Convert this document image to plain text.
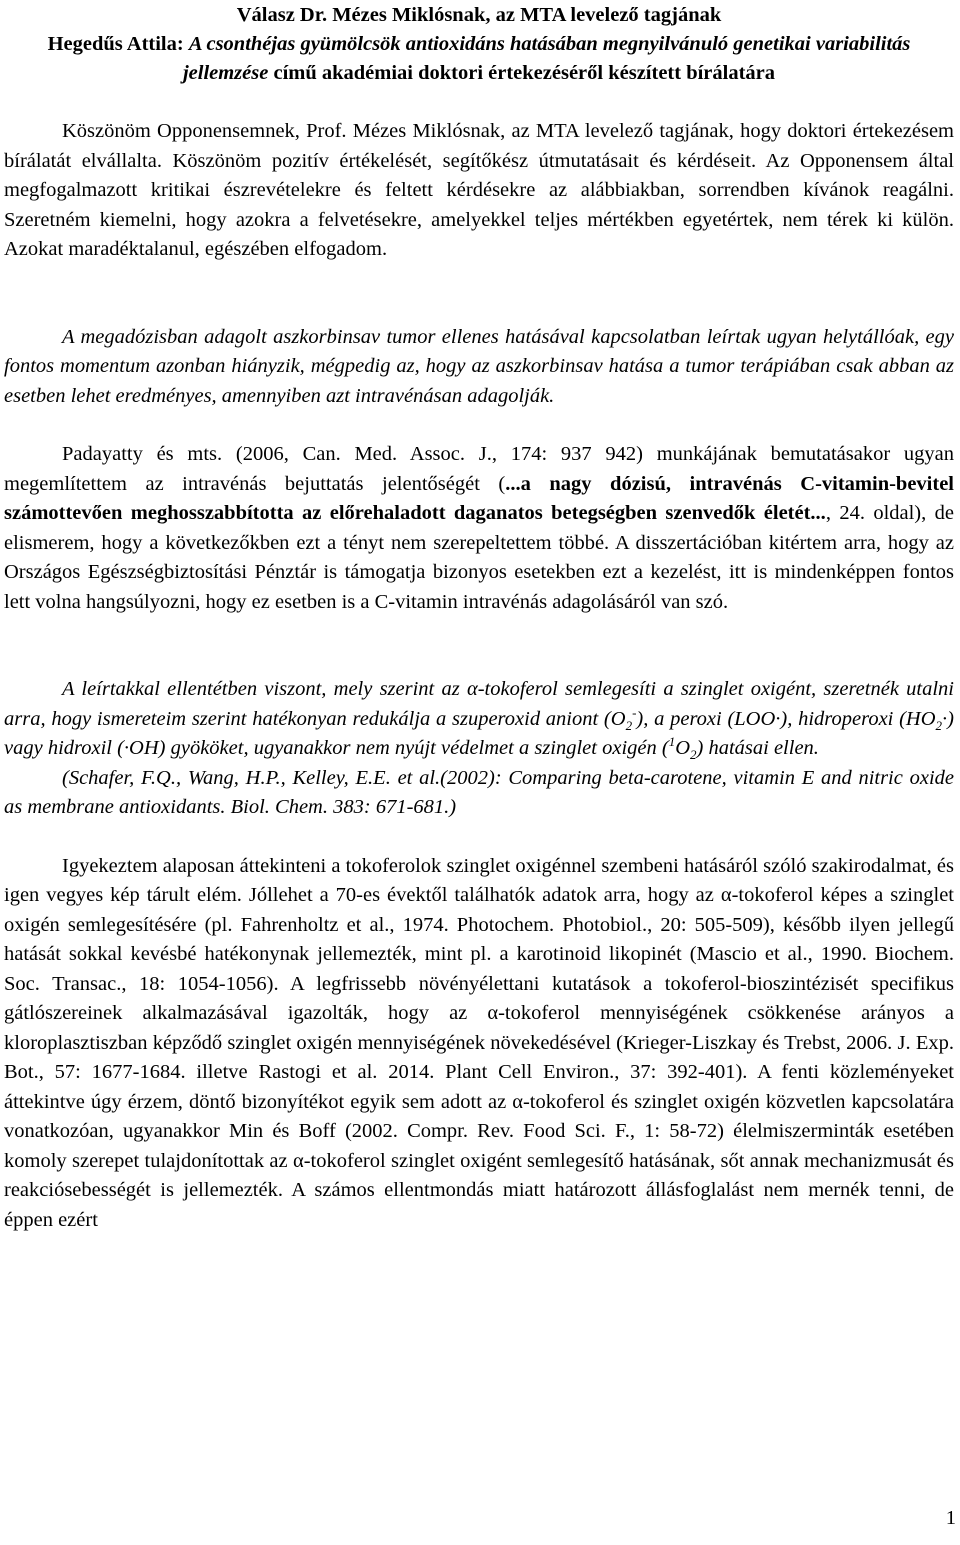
Válasz Dr. Mézes Miklósnak, az MTA levelező tagjának
Hegedűs Attila: A csonthéjas gyümölcsök antioxidáns hatásában megnyilvánuló genetikai variabilitás jellemzése című akadémiai doktori értekezéséről készített bírálatára

Köszönöm Opponensemnek, Prof. Mézes Miklósnak, az MTA levelező tagjának, hogy doktori értekezésem bírálatát elvállalta. Köszönöm pozitív értékelését, segítőkész útmutatásait és kérdéseit. Az Opponensem által megfogalmazott kritikai észrevételekre és feltett kérdésekre az alábbiakban, sorrendben kívánok reagálni. Szeretném kiemelni, hogy azokra a felvetésekre, amelyekkel teljes mértékben egyetértek, nem térek ki külön. Azokat maradéktalanul, egészében elfogadom.

A megadózisban adagolt aszkorbinsav tumor ellenes hatásával kapcsolatban leírtak ugyan helytállóak, egy fontos momentum azonban hiányzik, mégpedig az, hogy az aszkorbinsav hatása a tumor terápiában csak abban az esetben lehet eredményes, amennyiben azt intravénásan adagolják.

Padayatty és mts. (2006, Can. Med. Assoc. J., 174: 937 942) munkájának bemutatásakor ugyan megemlítettem az intravénás bejuttatás jelentőségét (...a nagy dózisú, intravénás C-vitamin-bevitel számottevően meghosszabbította az előrehaladott daganatos betegségben szenvedők életét..., 24. oldal), de elismerem, hogy a következőkben ezt a tényt nem szerepeltettem többé. A disszertációban kitértem arra, hogy az Országos Egészségbiztosítási Pénztár is támogatja bizonyos esetekben ezt a kezelést, itt is mindenképpen fontos lett volna hangsúlyozni, hogy ez esetben is a C-vitamin intravénás adagolásáról van szó.

A leírtakkal ellentétben viszont, mely szerint az α-tokoferol semlegesíti a szinglet oxigént, szeretnék utalni arra, hogy ismereteim szerint hatékonyan redukálja a szuperoxid aniont $(O_2^-)$, a peroxi (LOO·), hidroperoxi $(HO_2\cdot)$ vagy hidroxil (·OH) gyököket, ugyanakkor nem nyújt védelmet a szinglet oxigén $(^1O_2)$ hatásai ellen.

(Schafer, F.Q., Wang, H.P., Kelley, E.E. et al.(2002): Comparing beta-carotene, vitamin E and nitric oxide as membrane antioxidants. Biol. Chem. 383: 671-681.)

Igyekeztem alaposan áttekinteni a tokoferolok szinglet oxigénnel szembeni hatásáról szóló szakirodalmat, és igen vegyes kép tárult elém. Jóllehet a 70-es évektől találhatók adatok arra, hogy az α-tokoferol képes a szinglet oxigén semlegesítésére (pl. Fahrenholtz et al., 1974. Photochem. Photobiol., 20: 505-509), később ilyen jellegű hatását sokkal kevésbé hatékonynak jellemezték, mint pl. a karotinoid likopinét (Mascio et al., 1990. Biochem. Soc. Transac., 18: 1054-1056). A legfrissebb növényélettani kutatások a tokoferol-bioszintézisét specifikus gátlószereinek alkalmazásával igazolták, hogy az α-tokoferol mennyiségének csökkenése arányos a kloroplasztiszban képződő szinglet oxigén mennyiségének növekedésével (Krieger-Liszkay és Trebst, 2006. J. Exp. Bot., 57: 1677-1684. illetve Rastogi et al. 2014. Plant Cell Environ., 37: 392-401). A fenti közleményeket áttekintve úgy érzem, döntő bizonyítékot egyik sem adott az α-tokoferol és szinglet oxigén közvetlen kapcsolatára vonatkozóan, ugyanakkor Min és Boff (2002. Compr. Rev. Food Sci. F., 1: 58-72) élelmiszerminták esetében komoly szerepet tulajdonítottak az α-tokoferol szinglet oxigént semlegesítő hatásának, sőt annak mechanizmusát és reakciósebességét is jellemezték. A számos ellentmondás miatt határozott állásfoglalást nem mernék tenni, de éppen ezért

1
